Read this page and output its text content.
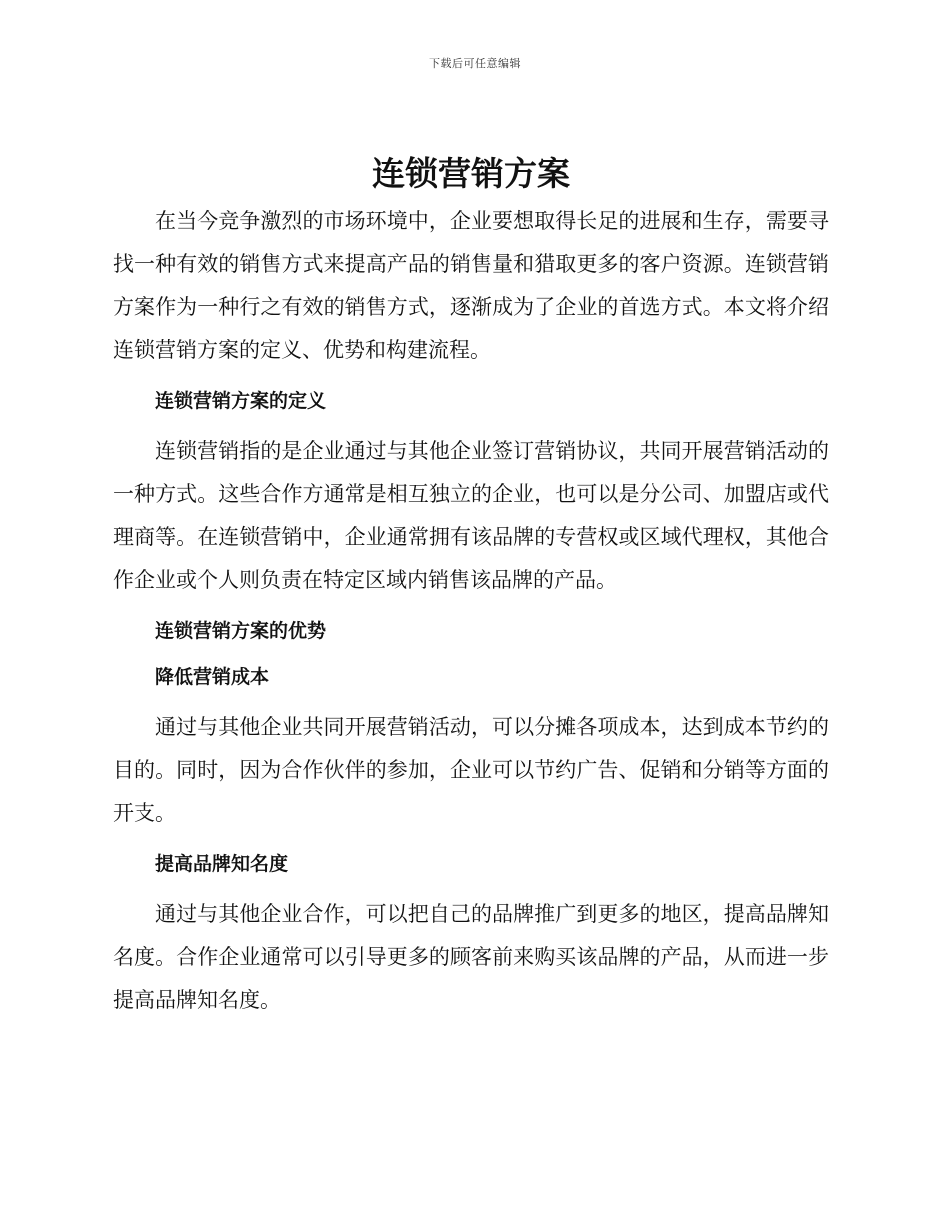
下载后可任意编辑
连锁营销方案

在当今竞争激烈的市场环境中，企业要想取得长足的进展和生存，需要寻找一种有效的销售方式来提高产品的销售量和猎取更多的客户资源。连锁营销方案作为一种行之有效的销售方式，逐渐成为了企业的首选方式。本文将介绍连锁营销方案的定义、优势和构建流程。

连锁营销方案的定义

连锁营销指的是企业通过与其他企业签订营销协议，共同开展营销活动的一种方式。这些合作方通常是相互独立的企业，也可以是分公司、加盟店或代理商等。在连锁营销中，企业通常拥有该品牌的专营权或区域代理权，其他合作企业或个人则负责在特定区域内销售该品牌的产品。

连锁营销方案的优势
降低营销成本

通过与其他企业共同开展营销活动，可以分摊各项成本，达到成本节约的目的。同时，因为合作伙伴的参加，企业可以节约广告、促销和分销等方面的开支。

提高品牌知名度

通过与其他企业合作，可以把自己的品牌推广到更多的地区，提高品牌知名度。合作企业通常可以引导更多的顾客前来购买该品牌的产品，从而进一步提高品牌知名度。
